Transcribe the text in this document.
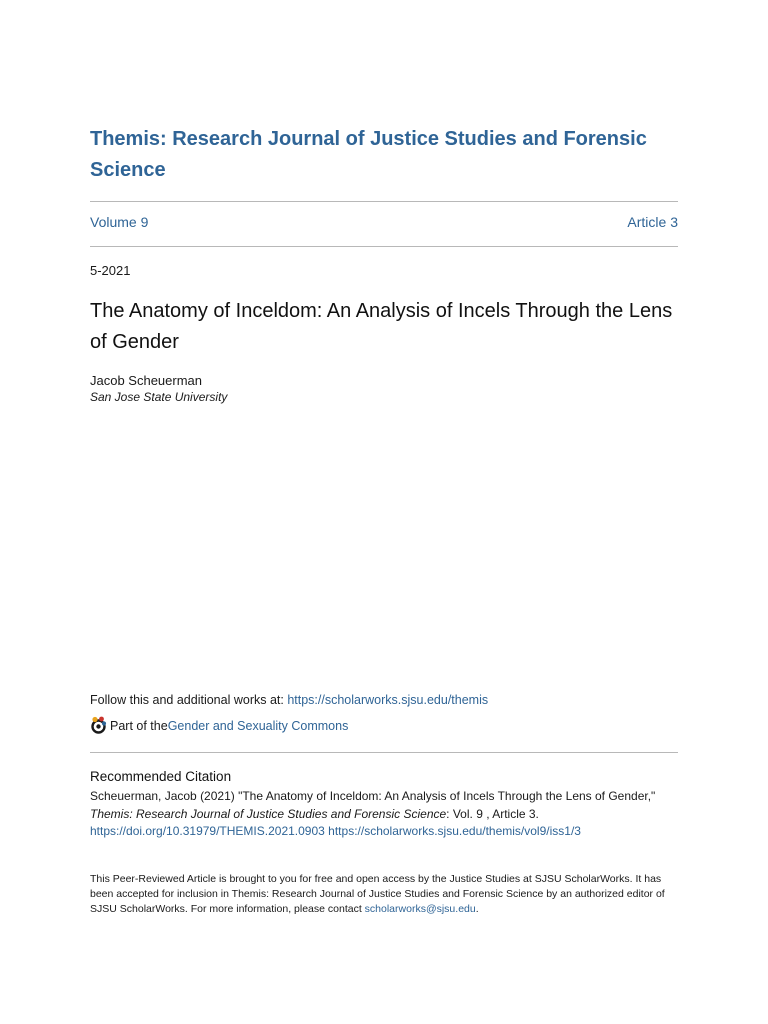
Themis: Research Journal of Justice Studies and Forensic Science
Volume 9	Article 3
5-2021
The Anatomy of Inceldom: An Analysis of Incels Through the Lens of Gender
Jacob Scheuerman
San Jose State University
Follow this and additional works at: https://scholarworks.sjsu.edu/themis
Part of the Gender and Sexuality Commons
Recommended Citation
Scheuerman, Jacob (2021) "The Anatomy of Inceldom: An Analysis of Incels Through the Lens of Gender,"
Themis: Research Journal of Justice Studies and Forensic Science: Vol. 9 , Article 3.
https://doi.org/10.31979/THEMIS.2021.0903 https://scholarworks.sjsu.edu/themis/vol9/iss1/3
This Peer-Reviewed Article is brought to you for free and open access by the Justice Studies at SJSU ScholarWorks. It has been accepted for inclusion in Themis: Research Journal of Justice Studies and Forensic Science by an authorized editor of SJSU ScholarWorks. For more information, please contact scholarworks@sjsu.edu.
